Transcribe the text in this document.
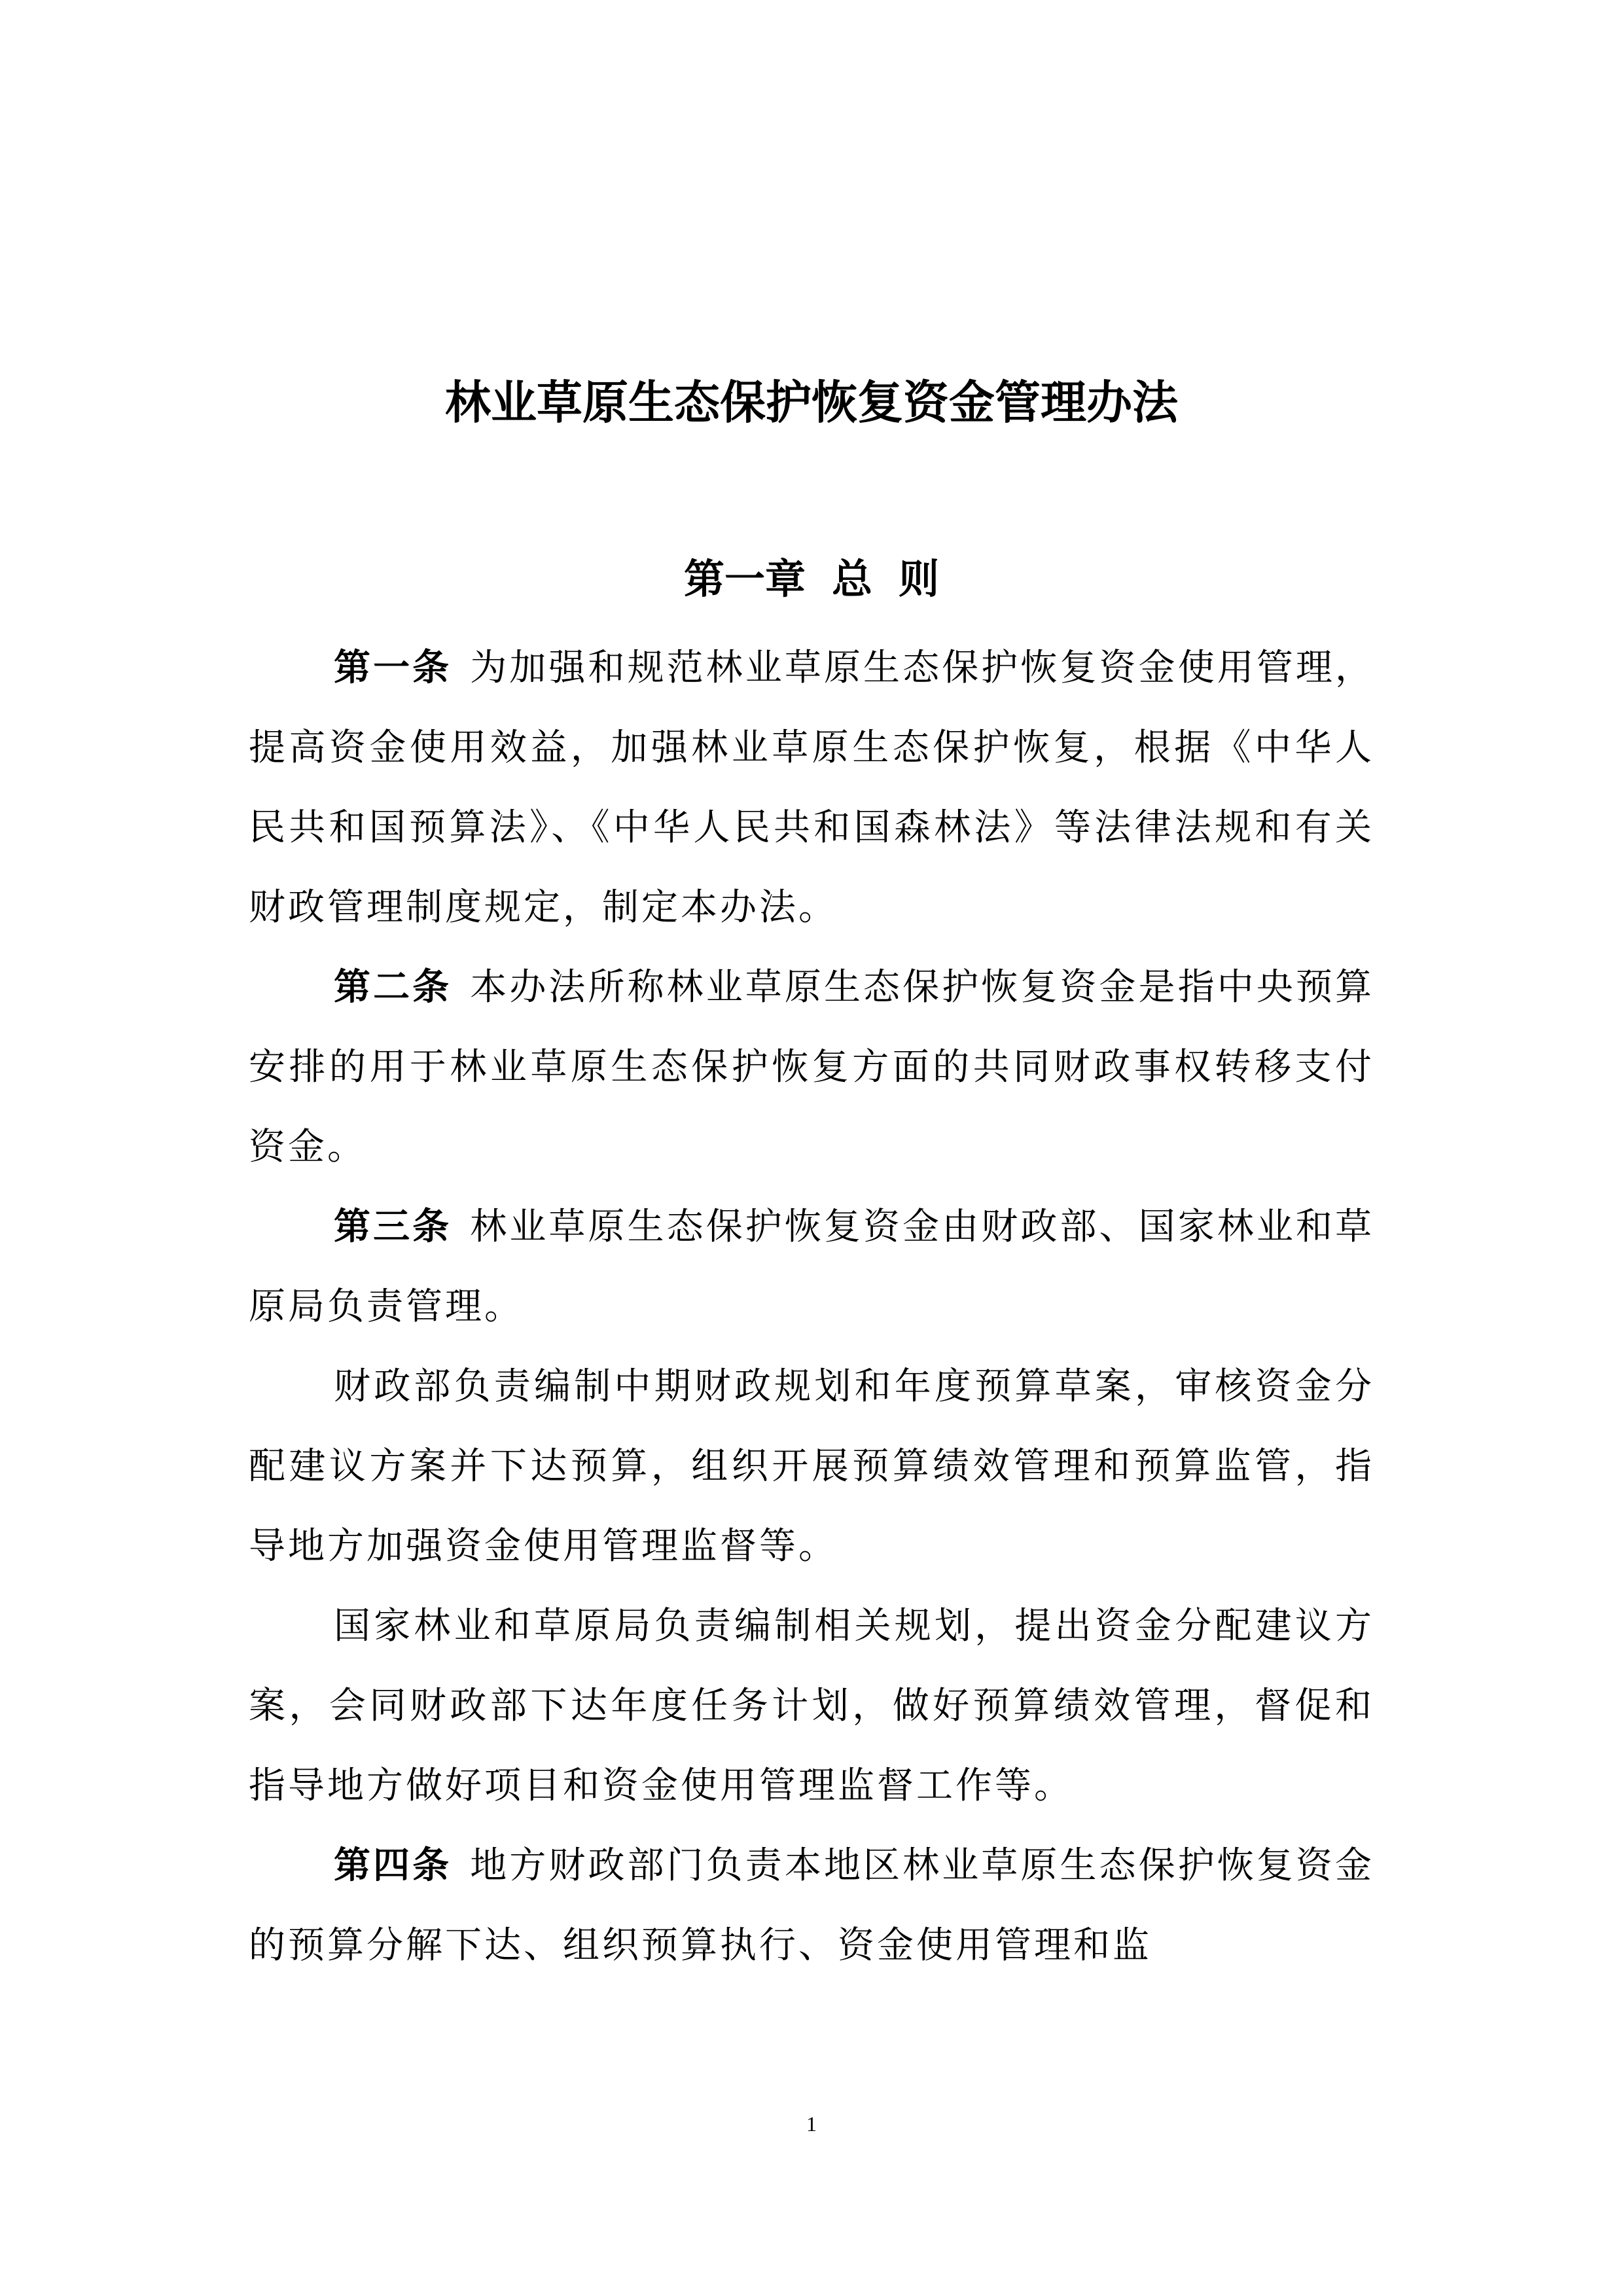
林业草原生态保护恢复资金管理办法
第一章 总 则

第一条 为加强和规范林业草原生态保护恢复资金使用管理，提高资金使用效益，加强林业草原生态保护恢复，根据《中华人民共和国预算法》、《中华人民共和国森林法》等法律法规和有关财政管理制度规定，制定本办法。

第二条 本办法所称林业草原生态保护恢复资金是指中央预算安排的用于林业草原生态保护恢复方面的共同财政事权转移支付资金。

第三条 林业草原生态保护恢复资金由财政部、国家林业和草原局负责管理。

财政部负责编制中期财政规划和年度预算草案，审核资金分配建议方案并下达预算，组织开展预算绩效管理和预算监管，指导地方加强资金使用管理监督等。

国家林业和草原局负责编制相关规划，提出资金分配建议方案，会同财政部下达年度任务计划，做好预算绩效管理，督促和指导地方做好项目和资金使用管理监督工作等。

第四条 地方财政部门负责本地区林业草原生态保护恢复资金的预算分解下达、组织预算执行、资金使用管理和监

1
